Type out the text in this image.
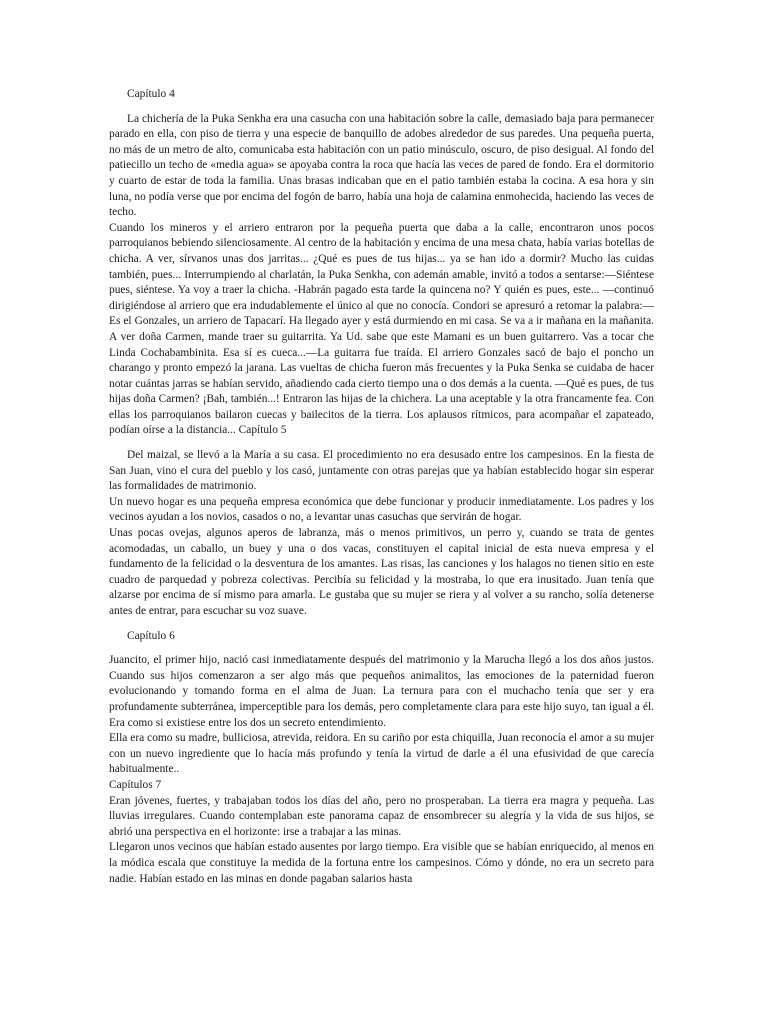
Capítulo 4

La chichería de la Puka Senkha era una casucha con una habitación sobre la calle, demasiado baja para permanecer parado en ella, con piso de tierra y una especie de banquillo de adobes alrededor de sus paredes. Una pequeña puerta, no más de un metro de alto, comunicaba esta habitación con un patio minúsculo, oscuro, de piso desigual. Al fondo del patiecillo un techo de «media agua» se apoyaba contra la roca que hacía las veces de pared de fondo. Era el dormitorio y cuarto de estar de toda la familia. Unas brasas indicaban que en el patio también estaba la cocina. A esa hora y sin luna, no podía verse que por encima del fogón de barro, había una hoja de calamina enmohecida, haciendo las veces de techo.

Cuando los mineros y el arriero entraron por la pequeña puerta que daba a la calle, encontraron unos pocos parroquianos bebiendo silenciosamente. Al centro de la habitación y encima de una mesa chata, había varias botellas de chicha. A ver, sírvanos unas dos jarritas... ¿Qué es pues de tus hijas... ya se han ido a dormir? Mucho las cuidas también, pues... Interrumpiendo al charlatán, la Puka Senkha, con ademán amable, invitó a todos a sentarse:—Siéntese pues, siéntese. Ya voy a traer la chicha. -Habrán pagado esta tarde la quincena no? Y quién es pues, este... —continuó dirigiéndose al arriero que era indudablemente el único al que no conocía. Condori se apresuró a retomar la palabra:—Es el Gonzales, un arriero de Tapacarí. Ha llegado ayer y está durmiendo en mi casa. Se va a ir mañana en la mañanita. A ver doña Carmen, mande traer su guitarrita. Ya Ud. sabe que este Mamani es un buen guitarrero. Vas a tocar che Linda Cochabambinita. Esa sí es cueca...—La guitarra fue traída. El arriero Gonzales sacó de bajo el poncho un charango y pronto empezó la jarana. Las vueltas de chicha fueron más frecuentes y la Puka Senka se cuidaba de hacer notar cuántas jarras se habían servido, añadiendo cada cierto tiempo una o dos demás a la cuenta. —Qué es pues, de tus hijas doña Carmen? ¡Bah, también...! Entraron las hijas de la chichera. La una aceptable y la otra francamente fea. Con ellas los parroquianos bailaron cuecas y bailecitos de la tierra. Los aplausos rítmicos, para acompañar el zapateado, podían oírse a la distancia... Capítulo 5

Del maizal, se llevó a la María a su casa. El procedimiento no era desusado entre los campesinos. En la fiesta de San Juan, vino el cura del pueblo y los casó, juntamente con otras parejas que ya habían establecido hogar sin esperar las formalidades de matrimonio.

Un nuevo hogar es una pequeña empresa económica que debe funcionar y producir inmediatamente. Los padres y los vecinos ayudan a los novios, casados o no, a levantar unas casuchas que servirán de hogar.

Unas pocas ovejas, algunos aperos de labranza, más o menos primitivos, un perro y, cuando se trata de gentes acomodadas, un caballo, un buey y una o dos vacas, constituyen el capital inicial de esta nueva empresa y el fundamento de la felicidad o la desventura de los amantes. Las risas, las canciones y los halagos no tienen sitio en este cuadro de parquedad y pobreza colectivas. Percibía su felicidad y la mostraba, lo que era inusitado. Juan tenía que alzarse por encima de sí mismo para amarla. Le gustaba que su mujer se riera y al volver a su rancho, solía detenerse antes de entrar, para escuchar su voz suave.

Capítulo 6

Juancito, el primer hijo, nació casi inmediatamente después del matrimonio y la Marucha llegó a los dos años justos. Cuando sus hijos comenzaron a ser algo más que pequeños animalitos, las emociones de la paternidad fueron evolucionando y tomando forma en el alma de Juan. La ternura para con el muchacho tenía que ser y era profundamente subterránea, imperceptible para los demás, pero completamente clara para este hijo suyo, tan igual a él. Era como si existiese entre los dos un secreto entendimiento.

Ella era como su madre, bulliciosa, atrevida, reidora. En su cariño por esta chiquilla, Juan reconocía el amor a su mujer con un nuevo ingrediente que lo hacía más profundo y tenía la virtud de darle a él una efusividad de que carecía habitualmente..

Capítulos 7

Eran jóvenes, fuertes, y trabajaban todos los días del año, pero no prosperaban. La tierra era magra y pequeña. Las lluvias irregulares. Cuando contemplaban este panorama capaz de ensombrecer su alegría y la vida de sus hijos, se abrió una perspectiva en el horizonte: irse a trabajar a las minas.

Llegaron unos vecinos que habían estado ausentes por largo tiempo. Era visible que se habían enriquecido, al menos en la módica escala que constituye la medida de la fortuna entre los campesinos. Cómo y dónde, no era un secreto para nadie. Habían estado en las minas en donde pagaban salarios hasta
